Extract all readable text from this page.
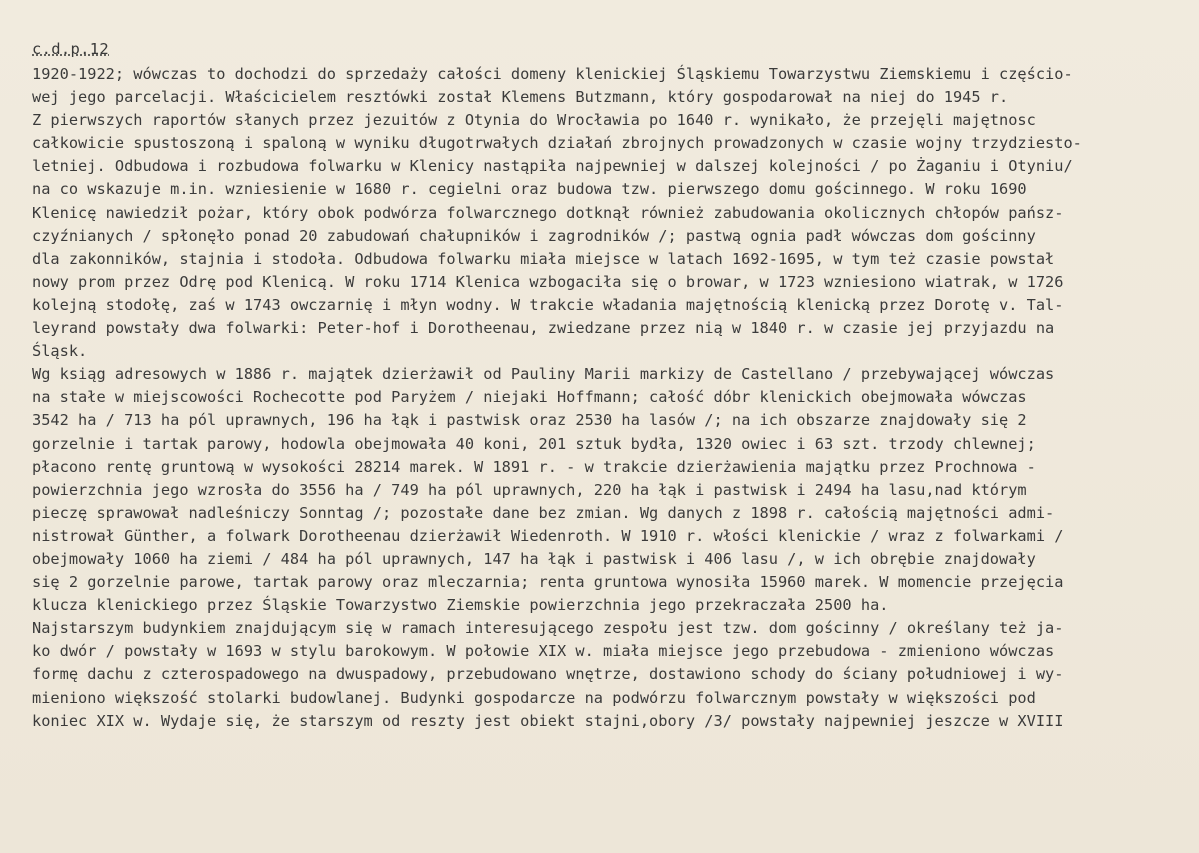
c.d.p.12
1920-1922; wówczas to dochodzi do sprzedaży całości domeny klenickiej Śląskiemu Towarzystwu Ziemskiemu i częścio-
wej jego parcelacji. Właścicielem resztówki został Klemens Butzmann, który gospodarował na niej do 1945 r.
Z pierwszych raportów słanych przez jezuitów z Otynia do Wrocławia po 1640 r. wynikało, że przejęli majętnosc
całkowicie spustoszoną i spaloną w wyniku długotrwałych działań zbrojnych prowadzonych w czasie wojny trzydziesto-
letniej. Odbudowa i rozbudowa folwarku w Klenicy nastąpiła najpewniej w dalszej kolejności / po Żaganiu i Otyniu/
na co wskazuje m.in. wzniesienie w 1680 r. cegielni oraz budowa tzw. pierwszego domu gościnnego. W roku 1690
Klenicę nawiedził pożar, który obok podwórza folwarcznego dotknął również zabudowania okolicznych chłopów pańsz-
czyźnianych / spłonęło ponad 20 zabudowań chałupników i zagrodników /; pastwą ognia padł wówczas dom gościnny
dla zakonników, stajnia i stodoła. Odbudowa folwarku miała miejsce w latach 1692-1695, w tym też czasie powstał
nowy prom przez Odrę pod Klenicą. W roku 1714 Klenica wzbogaciła się o browar, w 1723 wzniesiono wiatrak, w 1726
kolejną stodołę, zaś w 1743 owczarnię i młyn wodny. W trakcie władania majętnością klenicką przez Dorotę v. Tal-
leyrand powstały dwa folwarki: Peter-hof i Dorotheenau, zwiedzane przez nią w 1840 r. w czasie jej przyjazdu na
Śląsk.
Wg ksiąg adresowych w 1886 r. majątek dzierżawił od Pauliny Marii markizy de Castellano / przebywającej wówczas
na stałe w miejscowości Rochecotte pod Paryżem / niejaki Hoffmann; całość dóbr klenickich obejmowała wówczas
3542 ha / 713 ha pól uprawnych, 196 ha łąk i pastwisk oraz 2530 ha lasów /; na ich obszarze znajdowały się 2
gorzelnie i tartak parowy, hodowla obejmowała 40 koni, 201 sztuk bydła, 1320 owiec i 63 szt. trzody chlewnej;
płacono rentę gruntową w wysokości 28214 marek. W 1891 r. - w trakcie dzierżawienia majątku przez Prochnowa -
powierzchnia jego wzrosła do 3556 ha / 749 ha pól uprawnych, 220 ha łąk i pastwisk i 2494 ha lasu,nad którym
pieczę sprawował nadleśniczy Sonntag /; pozostałe dane bez zmian. Wg danych z 1898 r. całością majętności admi-
nistrował Günther, a folwark Dorotheenau dzierżawił Wiedenroth. W 1910 r. włości klenickie / wraz z folwarkami /
obejmowały 1060 ha ziemi / 484 ha pól uprawnych, 147 ha łąk i pastwisk i 406 lasu /, w ich obrębie znajdowały
się 2 gorzelnie parowe, tartak parowy oraz mleczarnia; renta gruntowa wynosiła 15960 marek. W momencie przejęcia
klucza klenickiego przez Śląskie Towarzystwo Ziemskie powierzchnia jego przekraczała 2500 ha.
Najstarszym budynkiem znajdującym się w ramach interesującego zespołu jest tzw. dom gościnny / określany też ja-
ko dwór / powstały w 1693 w stylu barokowym. W połowie XIX w. miała miejsce jego przebudowa - zmieniono wówczas
formę dachu z czterospadowego na dwuspadowy, przebudowano wnętrze, dostawiono schody do ściany południowej i wy-
mieniono większość stolarki budowlanej. Budynki gospodarcze na podwórzu folwarcznym powstały w większości pod
koniec XIX w. Wydaje się, że starszym od reszty jest obiekt stajni,obory /3/ powstały najpewniej jeszcze w XVIII
